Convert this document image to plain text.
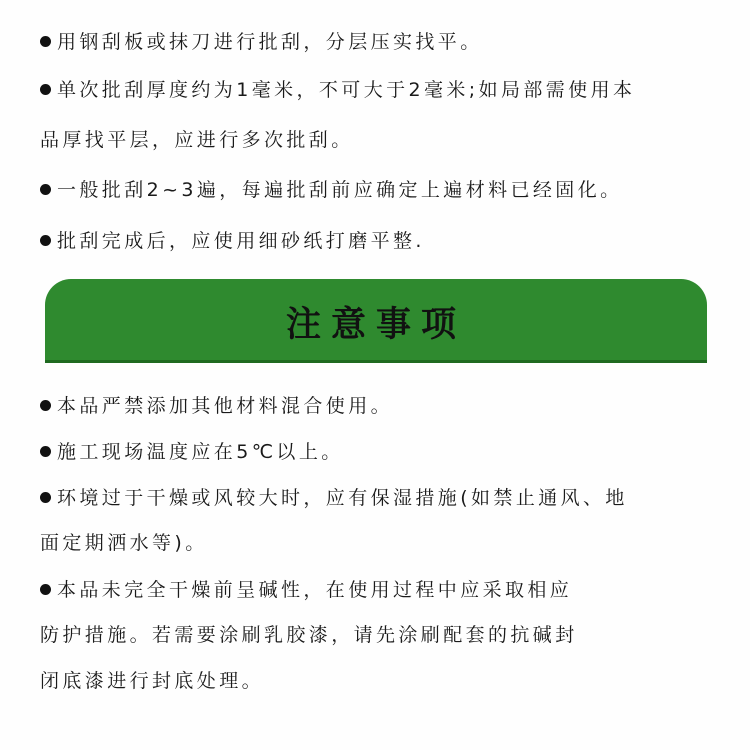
用钢刮板或抹刀进行批刮，分层压实找平。
单次批刮厚度约为1毫米，不可大于2毫米;如局部需使用本
品厚找平层，应进行多次批刮。
一般批刮2~3遍，每遍批刮前应确定上遍材料已经固化。
批刮完成后，应使用细砂纸打磨平整.
注意事项
本品严禁添加其他材料混合使用。
施工现场温度应在5℃以上。
环境过于干燥或风较大时，应有保湿措施(如禁止通风、地
面定期洒水等)。
本品未完全干燥前呈碱性，在使用过程中应采取相应
防护措施。若需要涂刷乳胶漆，请先涂刷配套的抗碱封
闭底漆进行封底处理。
